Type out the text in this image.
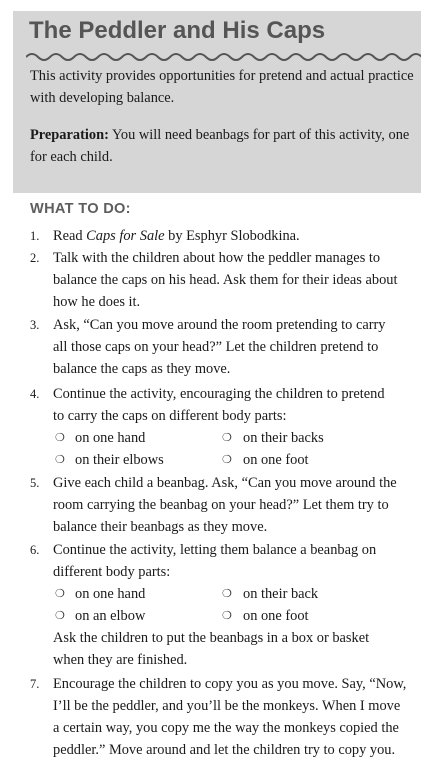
The Peddler and His Caps
This activity provides opportunities for pretend and actual practice with developing balance.
Preparation: You will need beanbags for part of this activity, one for each child.
WHAT TO DO:
1. Read Caps for Sale by Esphyr Slobodkina.
2. Talk with the children about how the peddler manages to
balance the caps on his head. Ask them for their ideas about
how he does it.
3. Ask, “Can you move around the room pretending to carry
all those caps on your head?” Let the children pretend to
balance the caps as they move.
4. Continue the activity, encouraging the children to pretend
to carry the caps on different body parts:
❍ on one hand	❍ on their backs
❍ on their elbows	❍ on one foot
5. Give each child a beanbag. Ask, “Can you move around the
room carrying the beanbag on your head?” Let them try to
balance their beanbags as they move.
6. Continue the activity, letting them balance a beanbag on
different body parts:
❍ on one hand	❍ on their back
❍ on an elbow	❍ on one foot
Ask the children to put the beanbags in a box or basket
when they are finished.
7. Encourage the children to copy you as you move. Say, “Now,
I’ll be the peddler, and you’ll be the monkeys. When I move
a certain way, you copy me the way the monkeys copied the
peddler.” Move around and let the children try to copy you.
